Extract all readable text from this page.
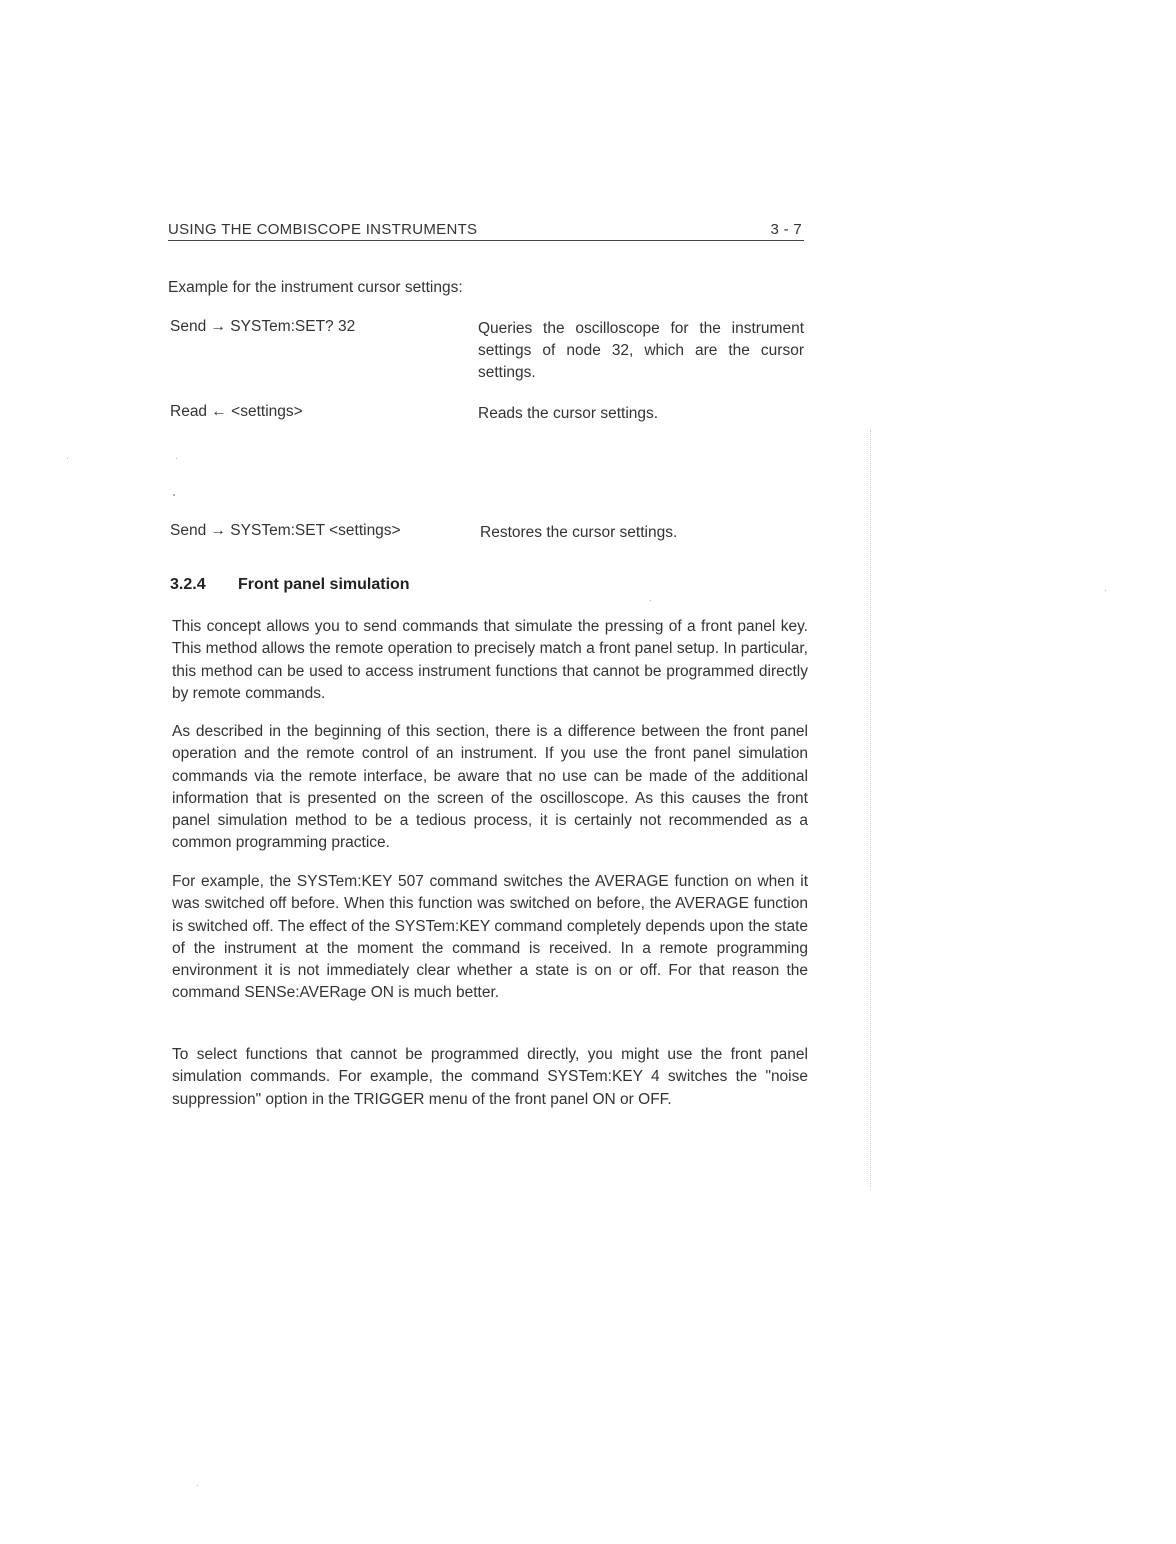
USING THE COMBISCOPE INSTRUMENTS	3 - 7
Example for the instrument cursor settings:
Send → SYSTem:SET? 32	Queries the oscilloscope for the instrument settings of node 32, which are the cursor settings.
Read ← <settings>	Reads the cursor settings.
Send → SYSTem:SET <settings>	Restores the cursor settings.
3.2.4 Front panel simulation
This concept allows you to send commands that simulate the pressing of a front panel key. This method allows the remote operation to precisely match a front panel setup. In particular, this method can be used to access instrument functions that cannot be programmed directly by remote commands.
As described in the beginning of this section, there is a difference between the front panel operation and the remote control of an instrument. If you use the front panel simulation commands via the remote interface, be aware that no use can be made of the additional information that is presented on the screen of the oscilloscope. As this causes the front panel simulation method to be a tedious process, it is certainly not recommended as a common programming practice.
For example, the SYSTem:KEY 507 command switches the AVERAGE function on when it was switched off before. When this function was switched on before, the AVERAGE function is switched off. The effect of the SYSTem:KEY command completely depends upon the state of the instrument at the moment the command is received. In a remote programming environment it is not immediately clear whether a state is on or off. For that reason the command SENSe:AVERage ON is much better.
To select functions that cannot be programmed directly, you might use the front panel simulation commands. For example, the command SYSTem:KEY 4 switches the "noise suppression" option in the TRIGGER menu of the front panel ON or OFF.
